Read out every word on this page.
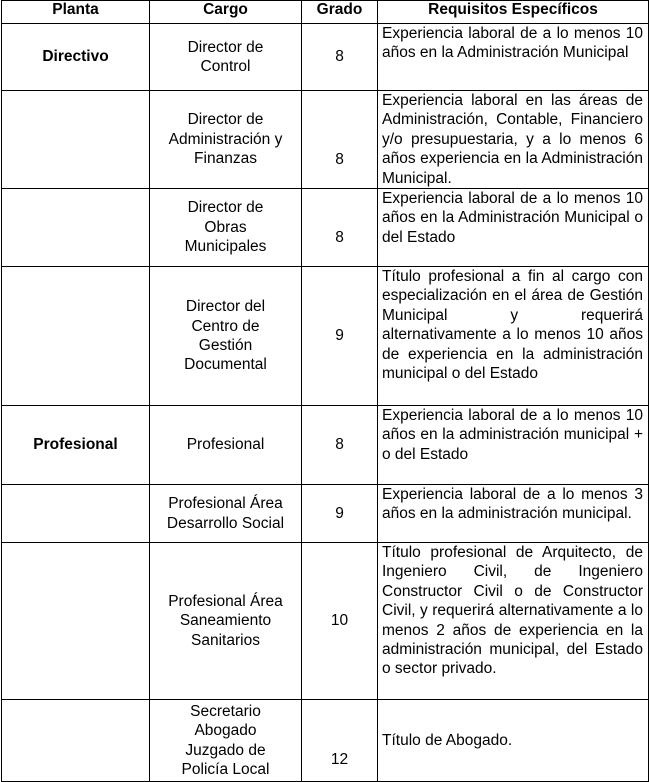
Planta	Cargo	Grado	Requisitos Específicos
Directivo	Director de Control	8	Experiencia laboral de a lo menos 10 años en la Administración Municipal
	Director de Administración y Finanzas	8	Experiencia laboral en las áreas de Administración, Contable, Financiero y/o presupuestaria, y a lo menos 6 años experiencia en la Administración Municipal.

	Director de Obras Municipales	8	Experiencia laboral de a lo menos 10 años en la Administración Municipal o del Estado

	Director del Centro de Gestión Documental	9	Título profesional a fin al cargo con especialización en el área de Gestión Municipal y requerirá alternativamente a lo menos 10 años de experiencia en la administración municipal o del Estado
Profesional	Profesional	8	Experiencia laboral de a lo menos 10 años en la administración municipal + o del Estado

	Profesional Área Desarrollo Social	9	Experiencia laboral de a lo menos 3 años en la administración municipal.

	Profesional Área Saneamiento Sanitarios	10	Título profesional de Arquitecto, de Ingeniero Civil, de Ingeniero Constructor Civil o de Constructor Civil, y requerirá alternativamente a lo menos 2 años de experiencia en la administración municipal, del Estado o sector privado.

	Secretario Abogado Juzgado de Policía Local	12	Título de Abogado.
